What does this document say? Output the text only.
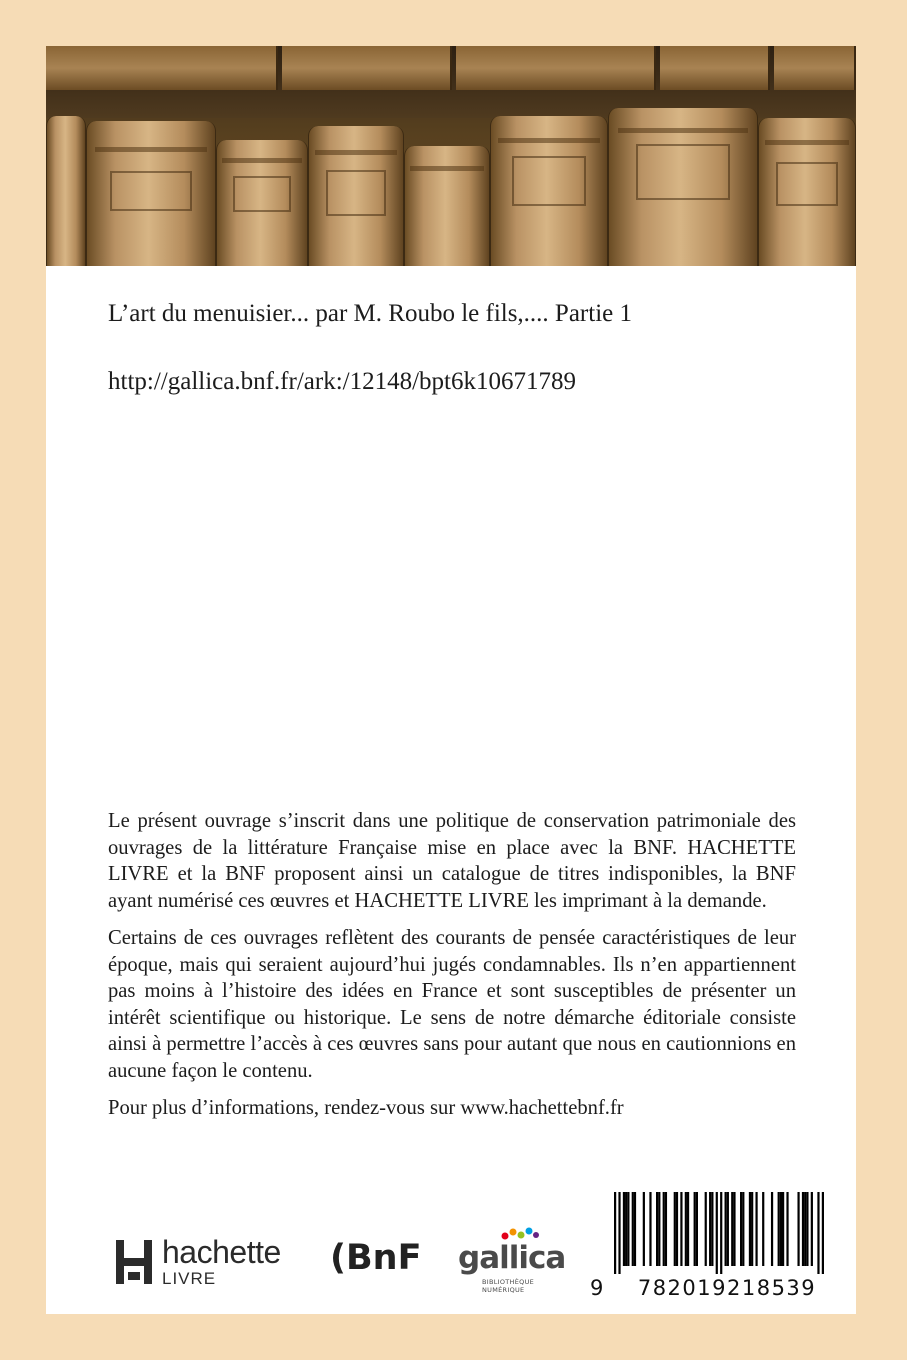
L’art du menuisier... par M. Roubo le fils,.... Partie 1
http://gallica.bnf.fr/ark:/12148/bpt6k10671789

Le présent ouvrage s’inscrit dans une politique de conservation patrimoniale des ouvrages de la littérature Française mise en place avec la BNF. HACHETTE LIVRE et la BNF proposent ainsi un catalogue de titres indisponibles, la BNF ayant numérisé ces œuvres et HACHETTE LIVRE les imprimant à la demande.

Certains de ces ouvrages reflètent des courants de pensée caractéristiques de leur époque, mais qui seraient aujourd’hui jugés condamnables. Ils n’en appartiennent pas moins à l’histoire des idées en France et sont susceptibles de présenter un intérêt scientifique ou historique. Le sens de notre démarche éditoriale consiste ainsi à permettre l’accès à ces œuvres sans pour autant que nous en cautionnions en aucune façon le contenu.

Pour plus d’informations, rendez-vous sur www.hachettebnf.fr

hachette
LIVRE
(BnF gallica
BIBLIOTHÈQUE
NUMÉRIQUE	9	782019218539
